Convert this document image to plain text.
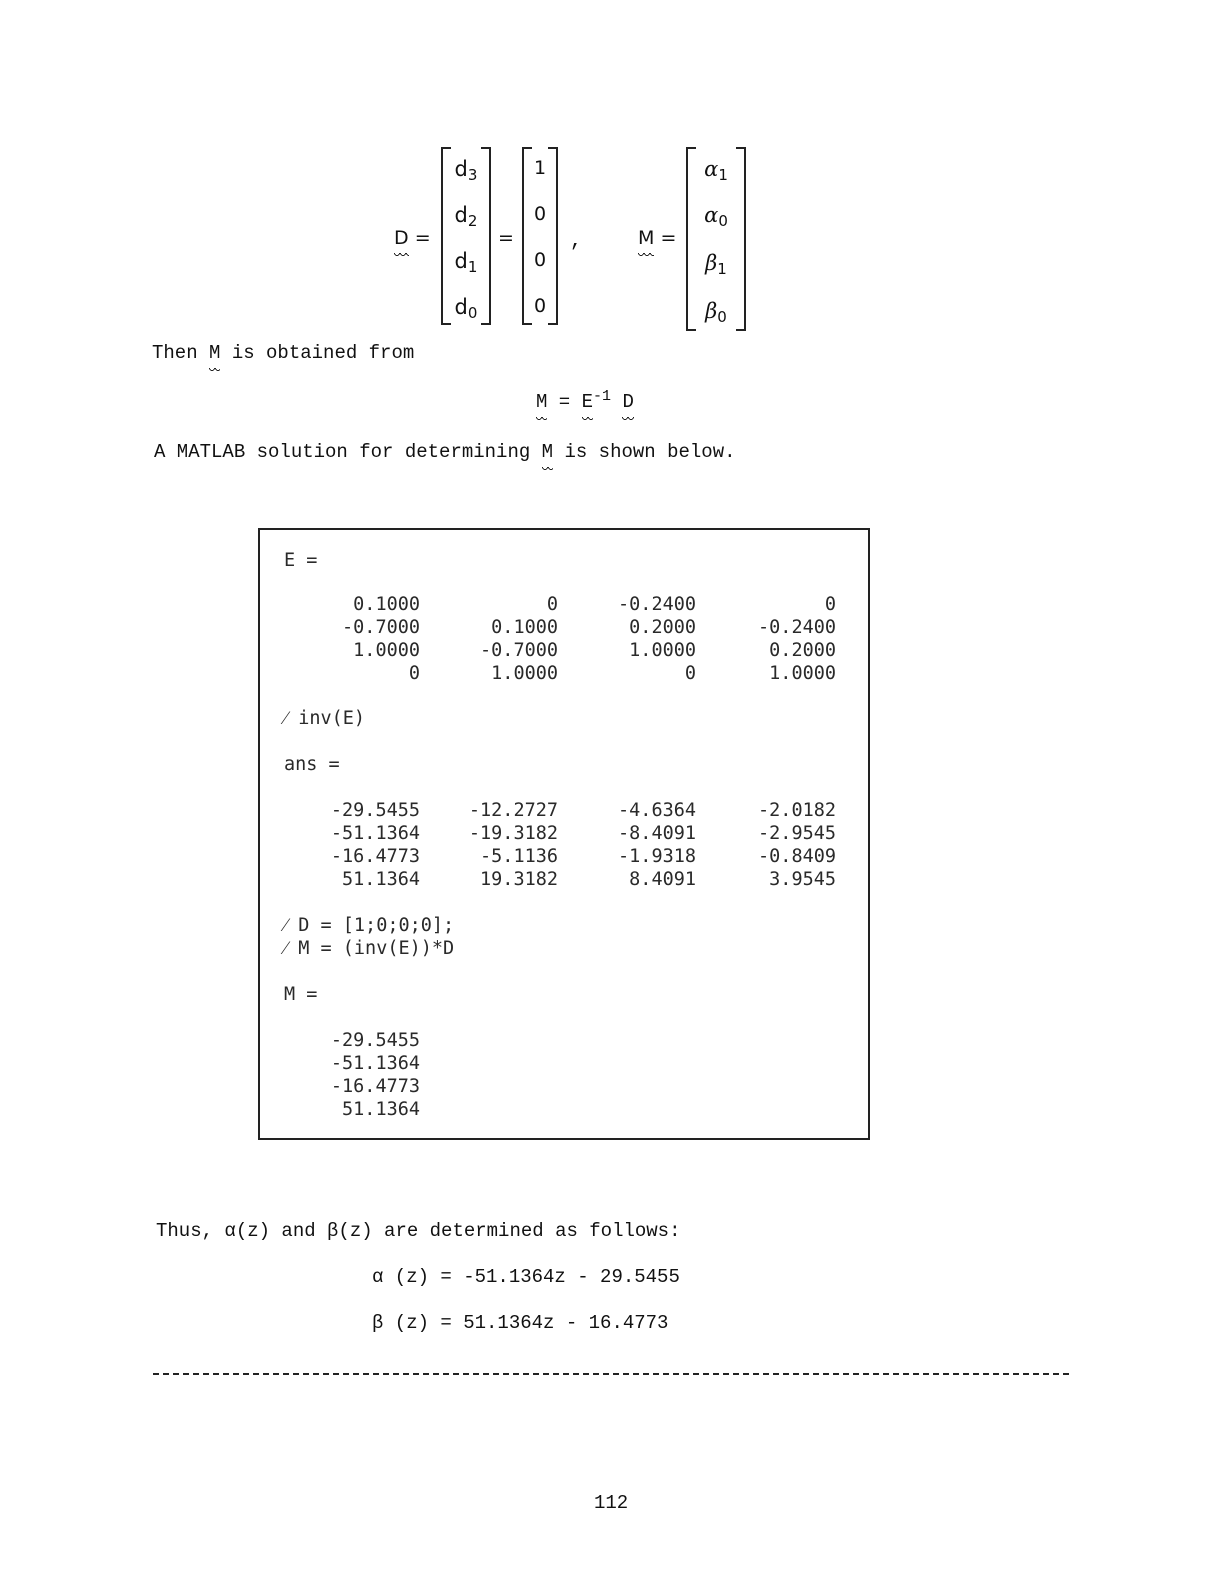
D =
$d_3$
$d_2$
$d_1$
$d_0$
=
1
0
0
0
,	M =
$\alpha_1$
$\alpha_0$
$\beta_1$
$\beta_0$
Then M is obtained from
$M = E^{-1}$ D
A MATLAB solution for determining M is shown below.
E =
0.1000	0	-0.2400	0
-0.7000	0.1000	0.2000	-0.2400
1.0000	-0.7000	1.0000	0.2000
0	1.0000	0	1.0000
⁄ inv(E)
ans =
-29.5455	-12.2727	-4.6364	-2.0182
-51.1364	-19.3182	-8.4091	-2.9545
-16.4773	-5.1136	-1.9318	-0.8409
51.1364	19.3182	8.4091	3.9545
⁄ D = [1;0;0;0];
⁄ M = (inv(E))*D
M =
-29.5455
-51.1364
-16.4773
51.1364
Thus, α(z) and β(z) are determined as follows:
α (z) = -51.1364z - 29.5455
β (z) = 51.1364z - 16.4773
112
